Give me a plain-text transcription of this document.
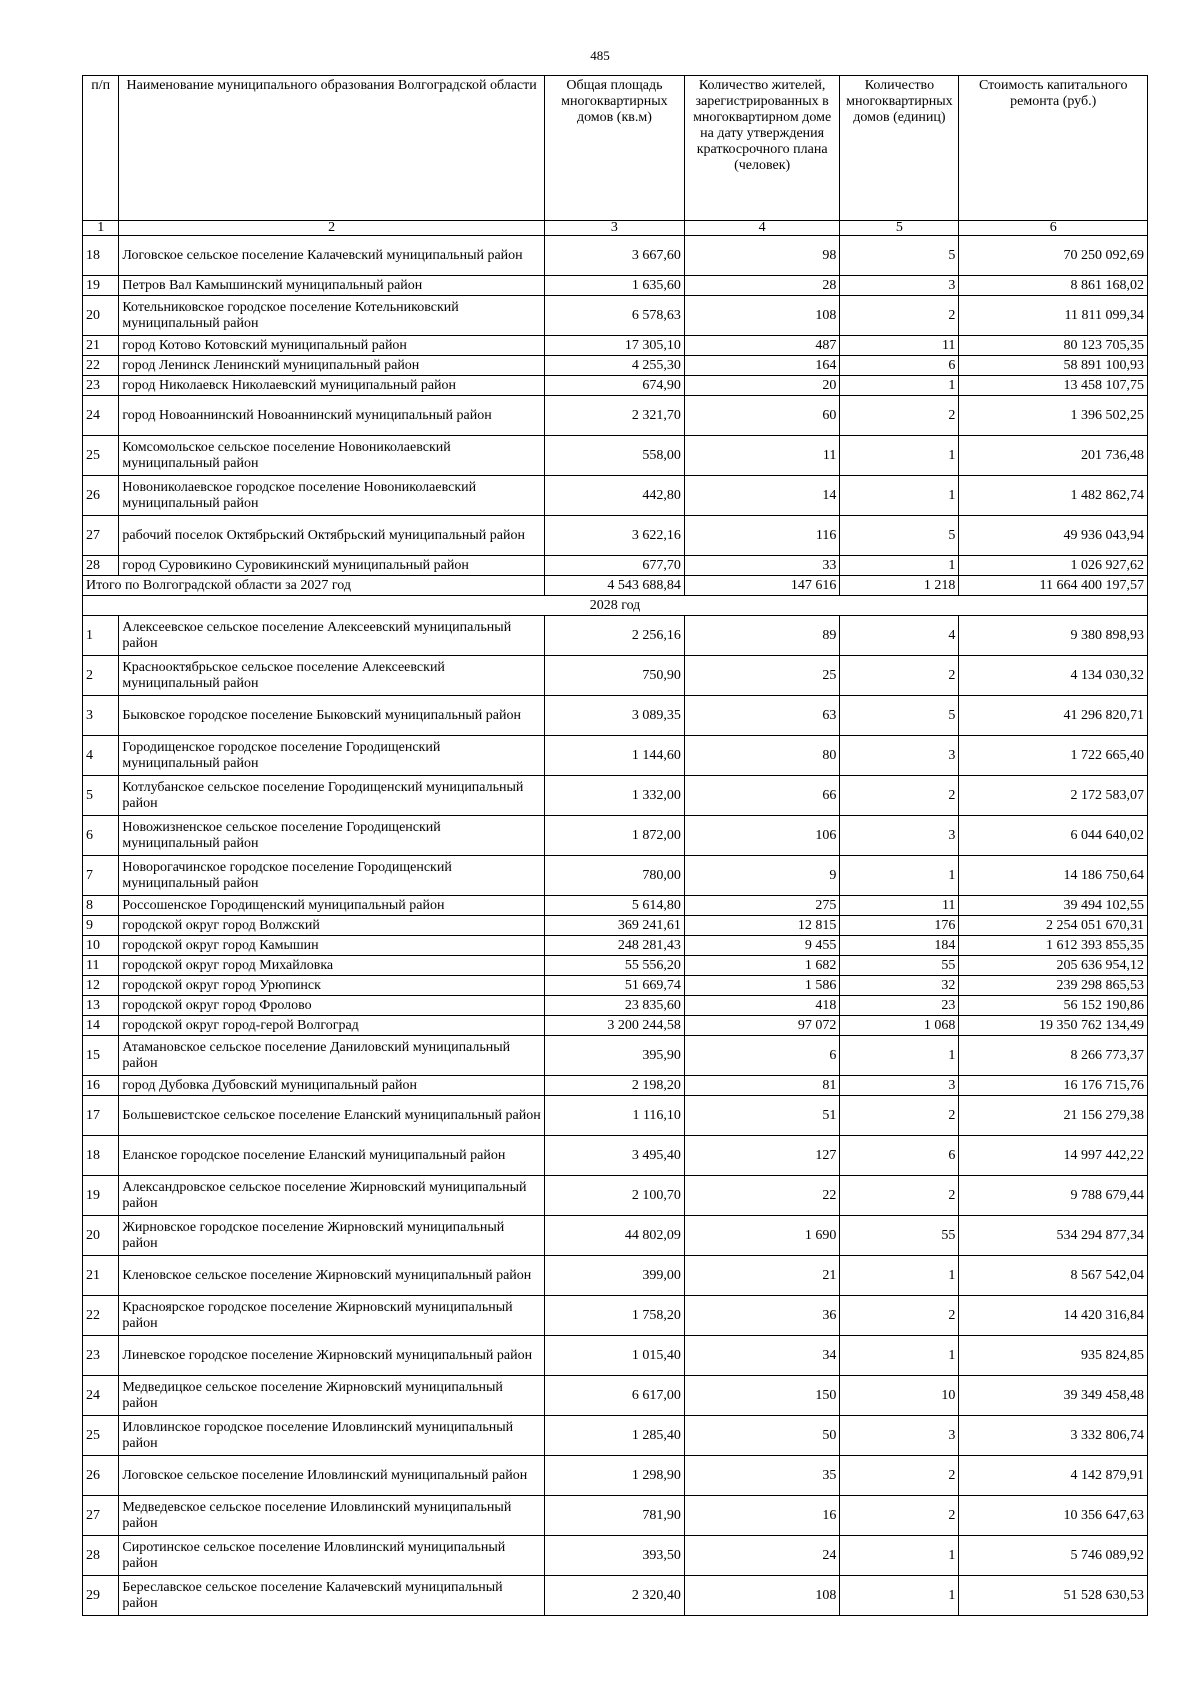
485
п/п	Наименование муниципального образования Волгоградской области	Общая площадь многоквартирных домов (кв.м)	Количество жителей, зарегистрированных в многоквартирном доме на дату утверждения краткосрочного плана (человек)	Количество многоквартирных домов (единиц)	Стоимость капитального ремонта (руб.)
1	2	3	4	5	6
18	Логовское сельское поселение Калачевский муниципальный район	3 667,60	98	5	70 250 092,69
19	Петров Вал Камышинский муниципальный район	1 635,60	28	3	8 861 168,02
20	Котельниковское городское поселение Котельниковский муниципальный район	6 578,63	108	2	11 811 099,34
21	город Котово Котовский муниципальный район	17 305,10	487	11	80 123 705,35
22	город Ленинск Ленинский муниципальный район	4 255,30	164	6	58 891 100,93
23	город Николаевск Николаевский муниципальный район	674,90	20	1	13 458 107,75
24	город Новоаннинский Новоаннинский муниципальный район	2 321,70	60	2	1 396 502,25
25	Комсомольское сельское поселение Новониколаевский муниципальный район	558,00	11	1	201 736,48
26	Новониколаевское городское поселение Новониколаевский муниципальный район	442,80	14	1	1 482 862,74
27	рабочий поселок Октябрьский Октябрьский муниципальный район	3 622,16	116	5	49 936 043,94
28	город Суровикино Суровикинский муниципальный район	677,70	33	1	1 026 927,62
Итого по Волгоградской области за 2027 год		4 543 688,84	147 616	1 218	11 664 400 197,57
2028 год					
1	Алексеевское сельское поселение Алексеевский муниципальный район	2 256,16	89	4	9 380 898,93
2	Краснооктябрьское сельское поселение Алексеевский муниципальный район	750,90	25	2	4 134 030,32
3	Быковское городское поселение Быковский муниципальный район	3 089,35	63	5	41 296 820,71
4	Городищенское городское поселение Городищенский муниципальный район	1 144,60	80	3	1 722 665,40
5	Котлубанское сельское поселение Городищенский муниципальный район	1 332,00	66	2	2 172 583,07
6	Новожизненское сельское поселение Городищенский муниципальный район	1 872,00	106	3	6 044 640,02
7	Новорогачинское городское поселение Городищенский муниципальный район	780,00	9	1	14 186 750,64
8	Россошенское Городищенский муниципальный район	5 614,80	275	11	39 494 102,55
9	городской округ город Волжский	369 241,61	12 815	176	2 254 051 670,31
10	городской округ город Камышин	248 281,43	9 455	184	1 612 393 855,35
11	городской округ город Михайловка	55 556,20	1 682	55	205 636 954,12
12	городской округ город Урюпинск	51 669,74	1 586	32	239 298 865,53
13	городской округ город Фролово	23 835,60	418	23	56 152 190,86
14	городской округ город-герой Волгоград	3 200 244,58	97 072	1 068	19 350 762 134,49
15	Атамановское сельское поселение Даниловский муниципальный район	395,90	6	1	8 266 773,37
16	город Дубовка Дубовский муниципальный район	2 198,20	81	3	16 176 715,76
17	Большевистское сельское поселение Еланский муниципальный район	1 116,10	51	2	21 156 279,38
18	Еланское городское поселение Еланский муниципальный район	3 495,40	127	6	14 997 442,22
19	Александровское сельское поселение Жирновский муниципальный район	2 100,70	22	2	9 788 679,44
20	Жирновское городское поселение Жирновский муниципальный район	44 802,09	1 690	55	534 294 877,34
21	Кленовское сельское поселение Жирновский муниципальный район	399,00	21	1	8 567 542,04
22	Красноярское городское поселение Жирновский муниципальный район	1 758,20	36	2	14 420 316,84
23	Линевское городское поселение Жирновский муниципальный район	1 015,40	34	1	935 824,85
24	Медведицкое сельское поселение Жирновский муниципальный район	6 617,00	150	10	39 349 458,48
25	Иловлинское городское поселение Иловлинский муниципальный район	1 285,40	50	3	3 332 806,74
26	Логовское сельское поселение Иловлинский муниципальный район	1 298,90	35	2	4 142 879,91
27	Медведевское сельское поселение Иловлинский муниципальный район	781,90	16	2	10 356 647,63
28	Сиротинское сельское поселение Иловлинский муниципальный район	393,50	24	1	5 746 089,92
29	Береславское сельское поселение Калачевский муниципальный район	2 320,40	108	1	51 528 630,53
